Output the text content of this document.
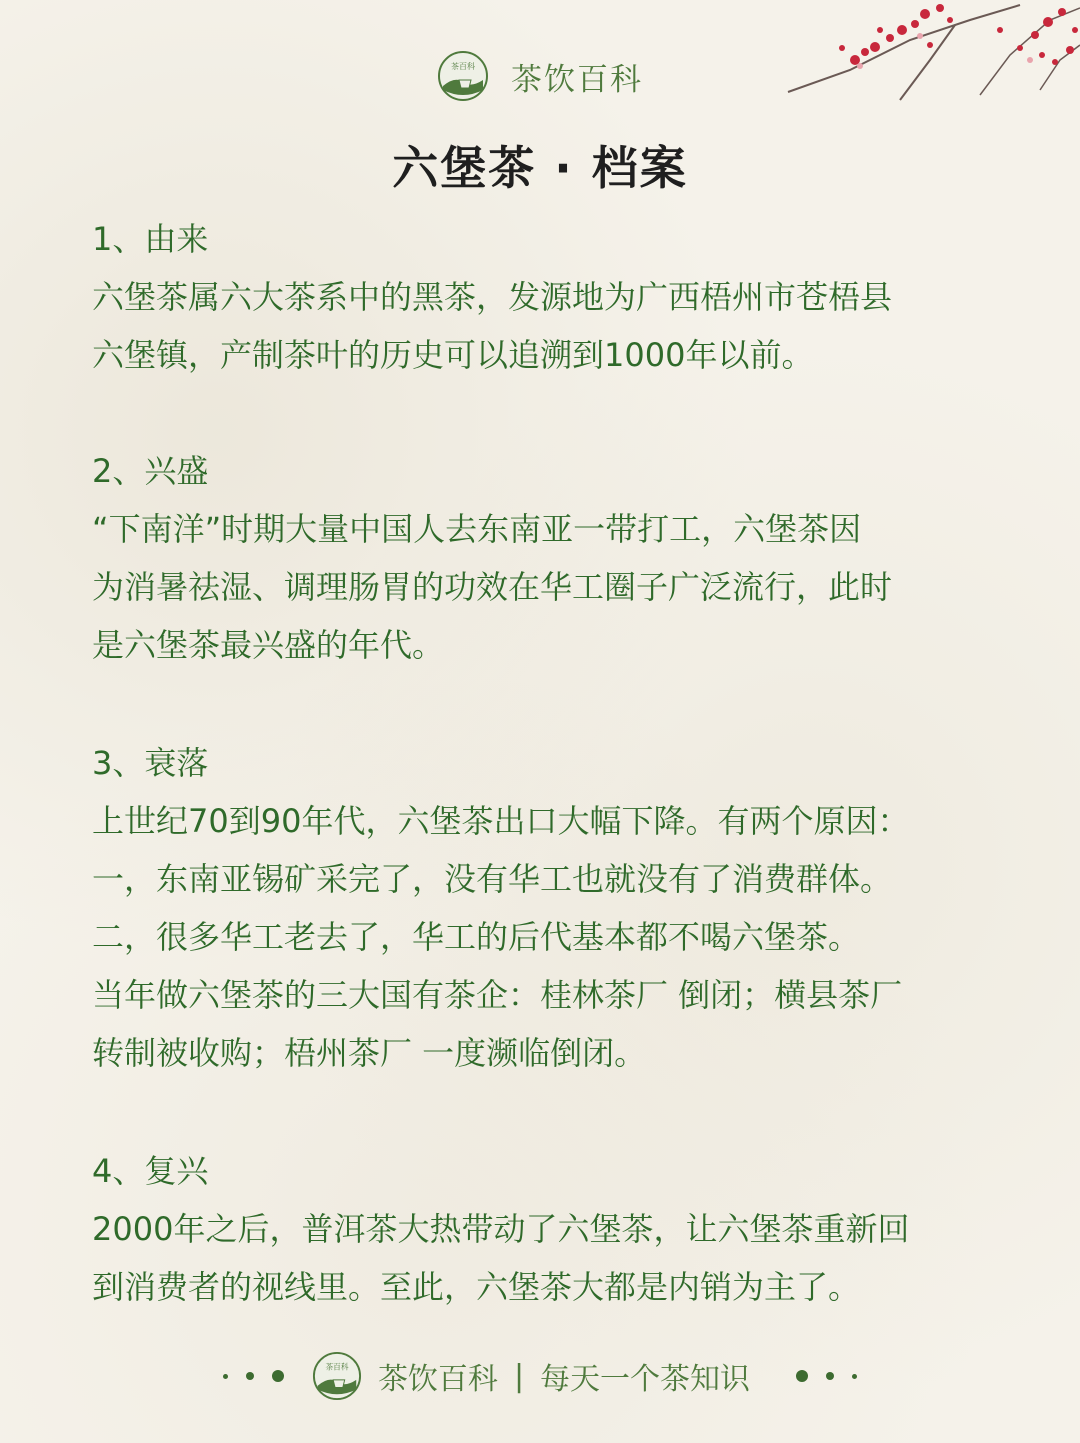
茶百科 茶饮百科
六堡茶 · 档案
1、由来
六堡茶属六大茶系中的黑茶，发源地为广西梧州市苍梧县
六堡镇，产制茶叶的历史可以追溯到1000年以前。
2、兴盛
“下南洋”时期大量中国人去东南亚一带打工，六堡茶因
为消暑祛湿、调理肠胃的功效在华工圈子广泛流行，此时
是六堡茶最兴盛的年代。
3、衰落
上世纪70到90年代，六堡茶出口大幅下降。有两个原因：
一，东南亚锡矿采完了，没有华工也就没有了消费群体。
二，很多华工老去了，华工的后代基本都不喝六堡茶。
当年做六堡茶的三大国有茶企：桂林茶厂 倒闭；横县茶厂
转制被收购；梧州茶厂 一度濒临倒闭。
4、复兴
2000年之后，普洱茶大热带动了六堡茶，让六堡茶重新回
到消费者的视线里。至此，六堡茶大都是内销为主了。
茶百科 茶饮百科 | 每天一个茶知识
